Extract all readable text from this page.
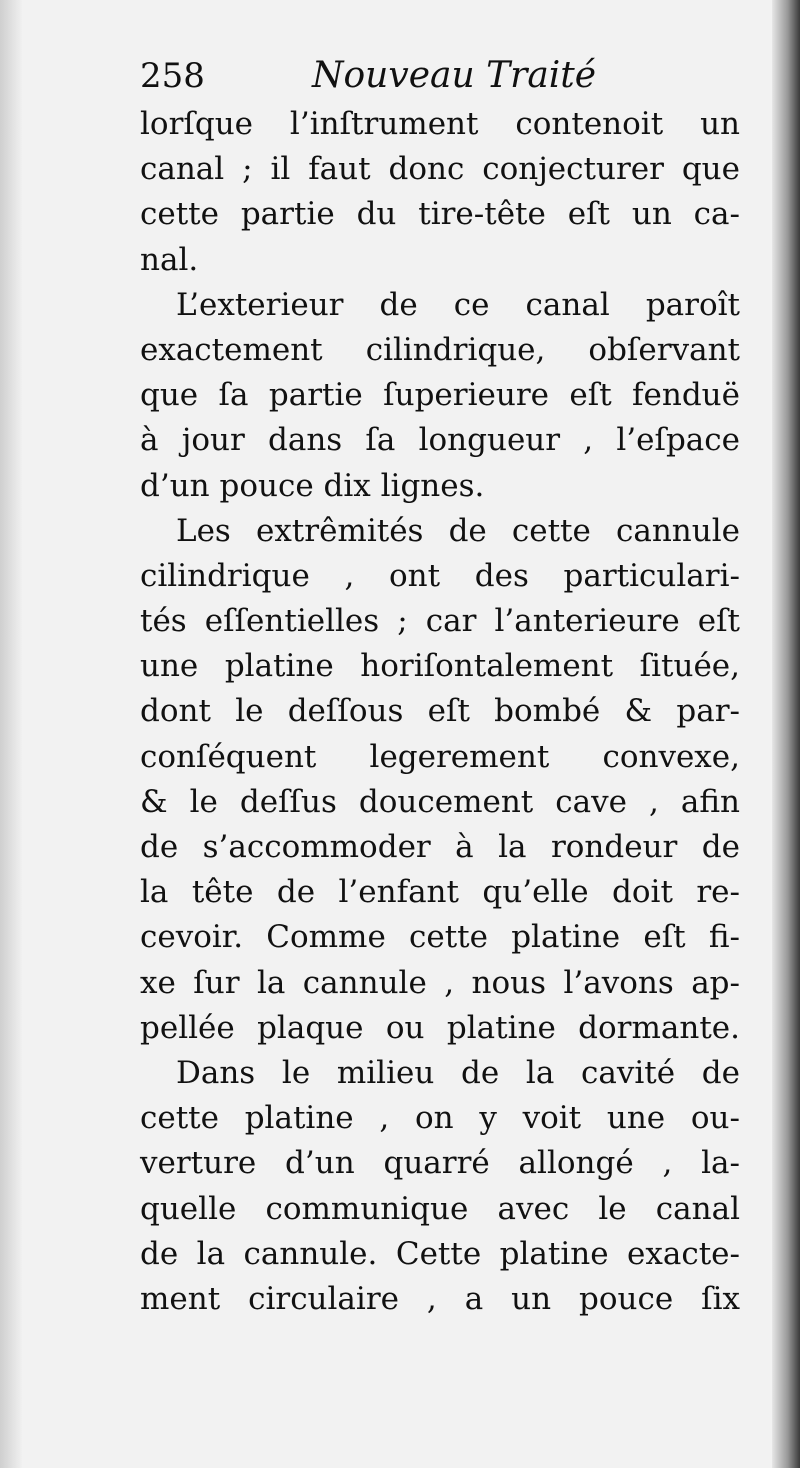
258	Nouveau Traité
lorſque l’inſtrument contenoit un
canal ; il faut donc conjecturer que
cette partie du tire-tête eſt un ca-
nal.
L’exterieur de ce canal paroît
exactement cilindrique, obſervant
que ſa partie ſuperieure eſt fenduë
à jour dans ſa longueur , l’eſpace
d’un pouce dix lignes.
Les extrêmités de cette cannule
cilindrique , ont des particulari-
tés eſſentielles ; car l’anterieure eſt
une platine horiſontalement ſituée,
dont le deſſous eſt bombé & par-
conſéquent legerement convexe,
& le deſſus doucement cave , afin
de s’accommoder à la rondeur de
la tête de l’enfant qu’elle doit re-
cevoir. Comme cette platine eſt fi-
xe ſur la cannule , nous l’avons ap-
pellée plaque ou platine dormante.
Dans le milieu de la cavité de
cette platine , on y voit une ou-
verture d’un quarré allongé , la-
quelle communique avec le canal
de la cannule. Cette platine exacte-
ment circulaire , a un pouce ſix
